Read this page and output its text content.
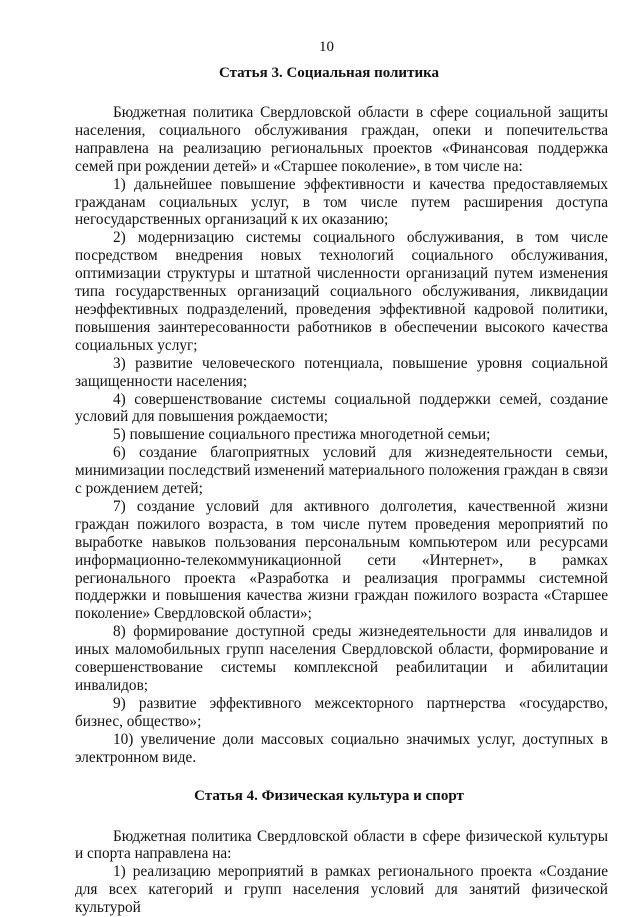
10
Статья 3. Социальная политика

Бюджетная политика Свердловской области в сфере социальной защиты населения, социального обслуживания граждан, опеки и попечительства направлена на реализацию региональных проектов «Финансовая поддержка семей при рождении детей» и «Старшее поколение», в том числе на:

1) дальнейшее повышение эффективности и качества предоставляемых гражданам социальных услуг, в том числе путем расширения доступа негосударственных организаций к их оказанию;

2) модернизацию системы социального обслуживания, в том числе посредством внедрения новых технологий социального обслуживания, оптимизации структуры и штатной численности организаций путем изменения типа государственных организаций социального обслуживания, ликвидации неэффективных подразделений, проведения эффективной кадровой политики, повышения заинтересованности работников в обеспечении высокого качества социальных услуг;

3) развитие человеческого потенциала, повышение уровня социальной защищенности населения;

4) совершенствование системы социальной поддержки семей, создание условий для повышения рождаемости;

5) повышение социального престижа многодетной семьи;

6) создание благоприятных условий для жизнедеятельности семьи, минимизации последствий изменений материального положения граждан в связи с рождением детей;

7) создание условий для активного долголетия, качественной жизни граждан пожилого возраста, в том числе путем проведения мероприятий по выработке навыков пользования персональным компьютером или ресурсами информационно-телекоммуникационной сети «Интернет», в рамках регионального проекта «Разработка и реализация программы системной поддержки и повышения качества жизни граждан пожилого возраста «Старшее поколение» Свердловской области»;

8) формирование доступной среды жизнедеятельности для инвалидов и иных маломобильных групп населения Свердловской области, формирование и совершенствование системы комплексной реабилитации и абилитации инвалидов;

9) развитие эффективного межсекторного партнерства «государство, бизнес, общество»;

10) увеличение доли массовых социально значимых услуг, доступных в электронном виде.

Статья 4. Физическая культура и спорт

Бюджетная политика Свердловской области в сфере физической культуры и спорта направлена на:

1) реализацию мероприятий в рамках регионального проекта «Создание для всех категорий и групп населения условий для занятий физической культурой
